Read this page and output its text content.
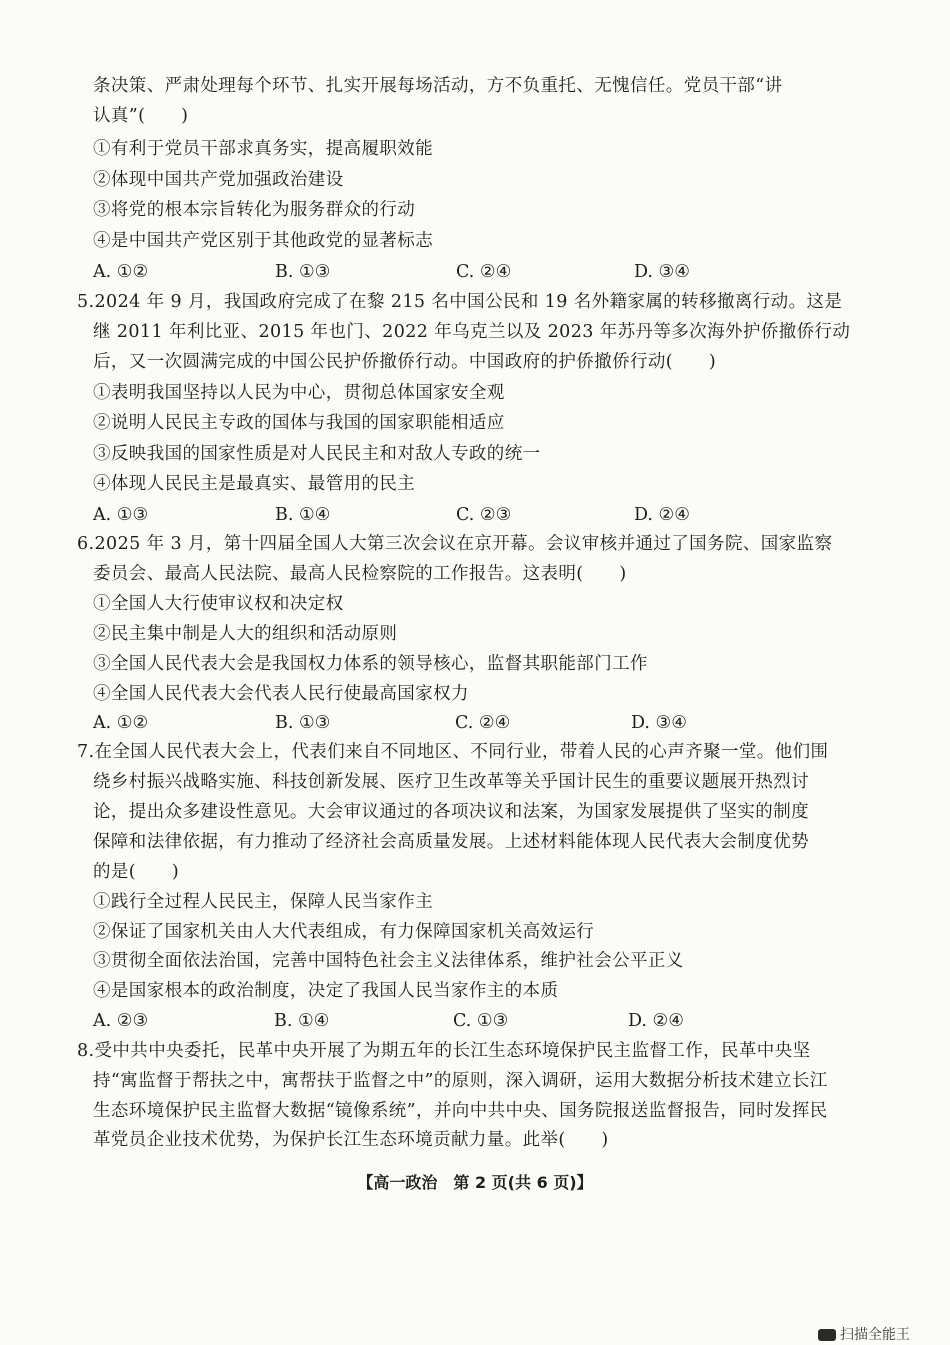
条决策、严肃处理每个环节、扎实开展每场活动，方不负重托、无愧信任。党员干部“讲
认真”(　　)
①有利于党员干部求真务实，提高履职效能
②体现中国共产党加强政治建设
③将党的根本宗旨转化为服务群众的行动
④是中国共产党区别于其他政党的显著标志
A. ①②	B. ①③	C. ②④	D. ③④
5.2024 年 9 月，我国政府完成了在黎 215 名中国公民和 19 名外籍家属的转移撤离行动。这是
继 2011 年利比亚、2015 年也门、2022 年乌克兰以及 2023 年苏丹等多次海外护侨撤侨行动
后，又一次圆满完成的中国公民护侨撤侨行动。中国政府的护侨撤侨行动(　　)
①表明我国坚持以人民为中心，贯彻总体国家安全观
②说明人民民主专政的国体与我国的国家职能相适应
③反映我国的国家性质是对人民民主和对敌人专政的统一
④体现人民民主是最真实、最管用的民主
A. ①③	B. ①④	C. ②③	D. ②④
6.2025 年 3 月，第十四届全国人大第三次会议在京开幕。会议审核并通过了国务院、国家监察
委员会、最高人民法院、最高人民检察院的工作报告。这表明(　　)
①全国人大行使审议权和决定权
②民主集中制是人大的组织和活动原则
③全国人民代表大会是我国权力体系的领导核心，监督其职能部门工作
④全国人民代表大会代表人民行使最高国家权力
A. ①②	B. ①③	C. ②④	D. ③④
7.在全国人民代表大会上，代表们来自不同地区、不同行业，带着人民的心声齐聚一堂。他们围
绕乡村振兴战略实施、科技创新发展、医疗卫生改革等关乎国计民生的重要议题展开热烈讨
论，提出众多建设性意见。大会审议通过的各项决议和法案，为国家发展提供了坚实的制度
保障和法律依据，有力推动了经济社会高质量发展。上述材料能体现人民代表大会制度优势
的是(　　)
①践行全过程人民民主，保障人民当家作主
②保证了国家机关由人大代表组成，有力保障国家机关高效运行
③贯彻全面依法治国，完善中国特色社会主义法律体系，维护社会公平正义
④是国家根本的政治制度，决定了我国人民当家作主的本质
A. ②③	B. ①④	C. ①③	D. ②④
8.受中共中央委托，民革中央开展了为期五年的长江生态环境保护民主监督工作，民革中央坚
持“寓监督于帮扶之中，寓帮扶于监督之中”的原则，深入调研，运用大数据分析技术建立长江
生态环境保护民主监督大数据“镜像系统”，并向中共中央、国务院报送监督报告，同时发挥民
革党员企业技术优势，为保护长江生态环境贡献力量。此举(　　)
【高一政治　第 2 页(共 6 页)】
扫描全能王
